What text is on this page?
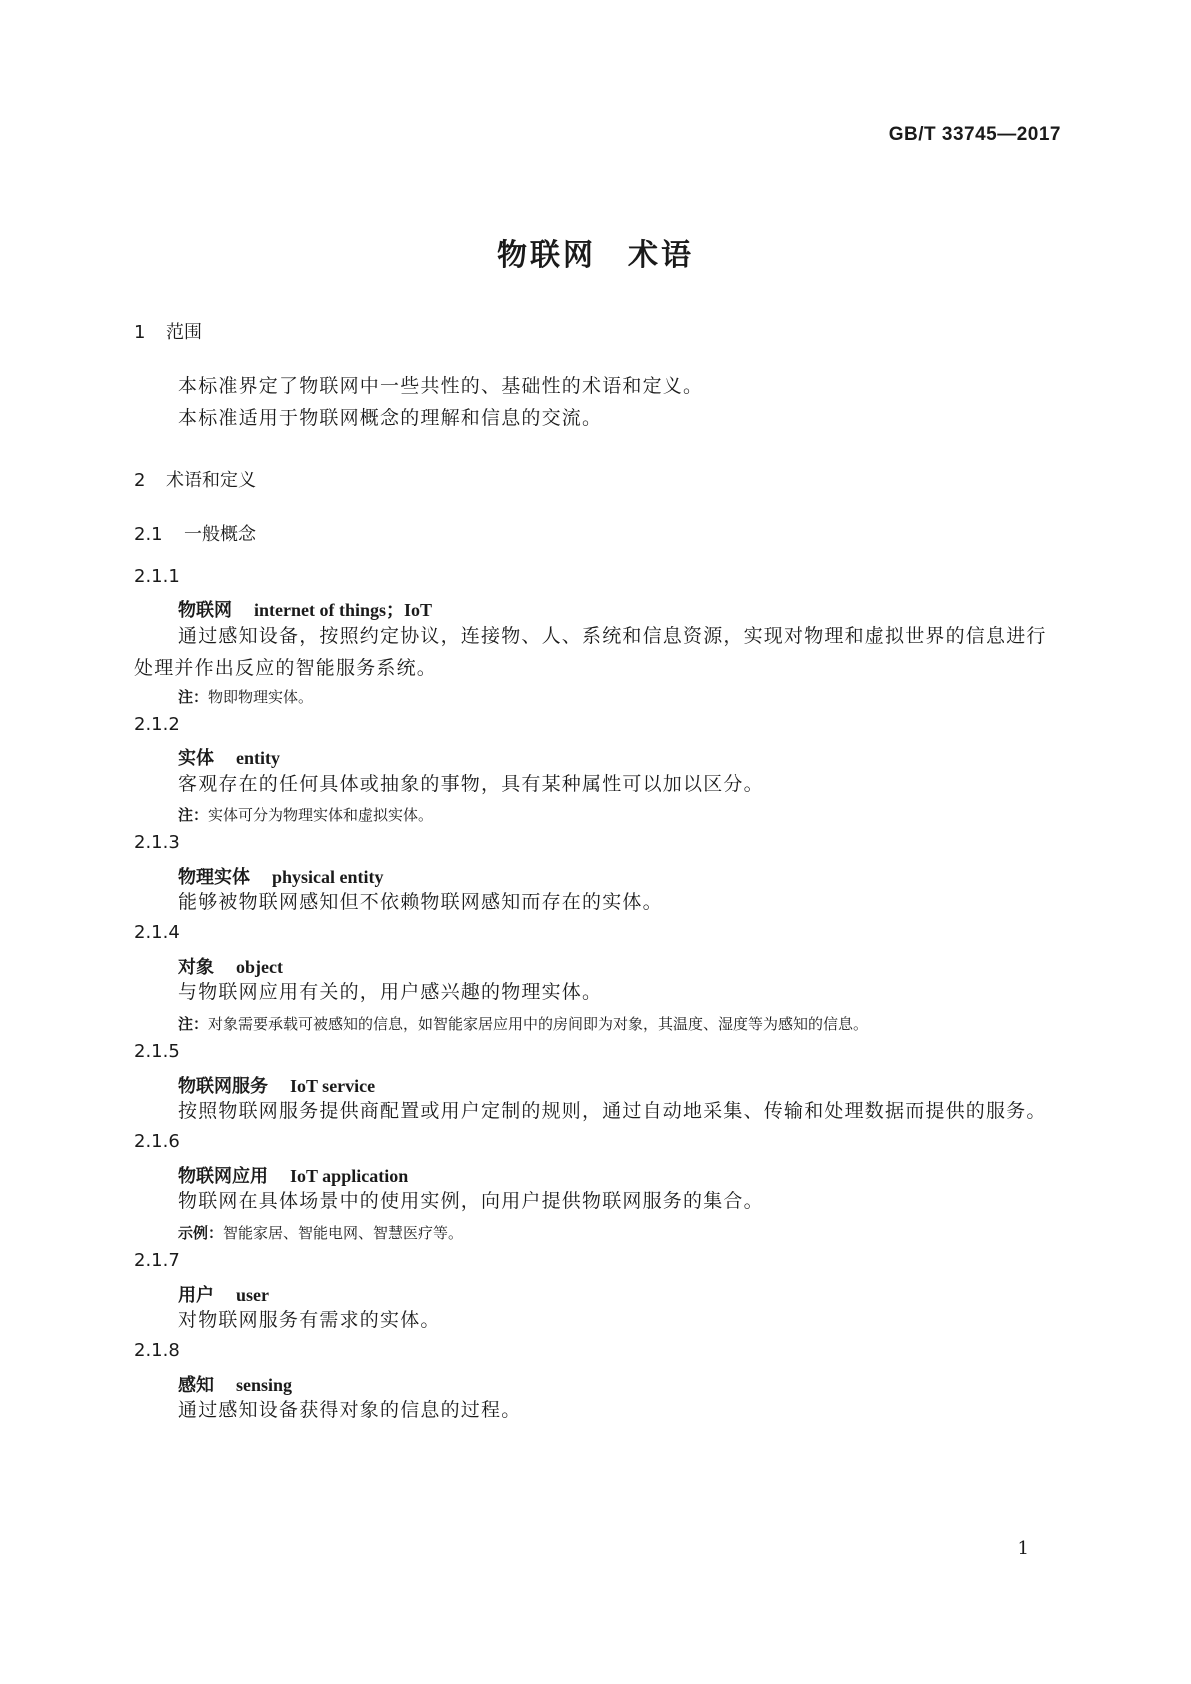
GB/T 33745—2017
物联网 术语
1 范围
本标准界定了物联网中一些共性的、基础性的术语和定义。
本标准适用于物联网概念的理解和信息的交流。
2 术语和定义
2.1 一般概念
2.1.1
物联网 internet of things；IoT
通过感知设备，按照约定协议，连接物、人、系统和信息资源，实现对物理和虚拟世界的信息进行处理并作出反应的智能服务系统。
注：物即物理实体。
2.1.2
实体 entity
客观存在的任何具体或抽象的事物，具有某种属性可以加以区分。
注：实体可分为物理实体和虚拟实体。
2.1.3
物理实体 physical entity
能够被物联网感知但不依赖物联网感知而存在的实体。
2.1.4
对象 object
与物联网应用有关的，用户感兴趣的物理实体。
注：对象需要承载可被感知的信息，如智能家居应用中的房间即为对象，其温度、湿度等为感知的信息。
2.1.5
物联网服务 IoT service
按照物联网服务提供商配置或用户定制的规则，通过自动地采集、传输和处理数据而提供的服务。
2.1.6
物联网应用 IoT application
物联网在具体场景中的使用实例，向用户提供物联网服务的集合。
示例：智能家居、智能电网、智慧医疗等。
2.1.7
用户 user
对物联网服务有需求的实体。
2.1.8
感知 sensing
通过感知设备获得对象的信息的过程。
1
